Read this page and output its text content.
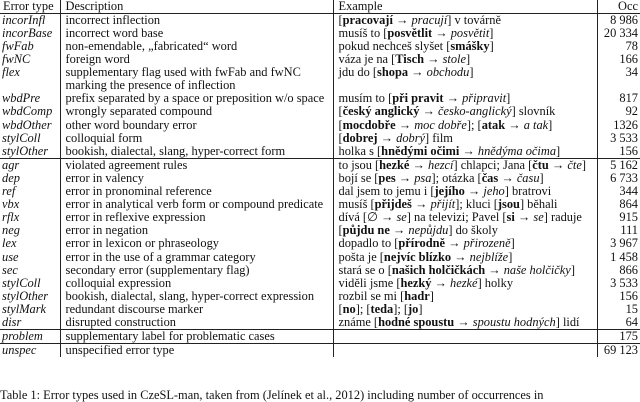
Error type	Description	Example	Occ
incorInfl	incorrect inflection	[pracovají → pracují] v továrně	8 986
incorBase	incorrect word base	musíš to [posvětlit → posvětit]	20 334
fwFab	non-emendable, „fabricated“ word	pokud nechceš slyšet [smášky]	78
fwNC	foreign word	váza je na [Tisch → stole]	166
flex	supplementary flag used with fwFab and fwNC marking the presence of inflection	jdu do [shopa → obchodu]	34
wbdPre	prefix separated by a space or preposition w/o space	musím to [při pravit → připravit]	817
wbdComp	wrongly separated compound	[český anglický → česko-anglický] slovník	92
wbdOther	other word boundary error	[mocdobře → moc dobře]; [atak → a tak]	1326
stylColl	colloquial form	[dobrej → dobrý] film	3 533
stylOther	bookish, dialectal, slang, hyper-correct form	holka s [hnědými očimi → hnědýma očima]	156
agr	violated agreement rules	to jsou [hezké → hezcí] chlapci; Jana [čtu → čte]	5 162
dep	error in valency	bojí se [pes → psa]; otázka [čas → času]	6 733
ref	error in pronominal reference	dal jsem to jemu i [jejího → jeho] bratrovi	344
vbx	error in analytical verb form or compound predicate	musíš [přijdeš → přijít]; kluci [jsou] běhali	864
rflx	error in reflexive expression	dívá [∅ → se] na televizi; Pavel [si → se] raduje	915
neg	error in negation	[půjdu ne → nepůjdu] do školy	111
lex	error in lexicon or phraseology	dopadlo to [přírodně → přirozeně]	3 967
use	error in the use of a grammar category	pošta je [nejvíc blízko → nejblíže]	1 458
sec	secondary error (supplementary flag)	stará se o [našich holčičkách → naše holčičky]	866
stylColl	colloquial expression	viděli jsme [hezký → hezké] holky	3 533
stylOther	bookish, dialectal, slang, hyper-correct expression	rozbil se mi [hadr]	156
stylMark	redundant discourse marker	[no]; [teda]; [jo]	15
disr	disrupted construction	známe [hodné spoustu → spoustu hodných] lidí	64
problem	supplementary label for problematic cases		175
unspec	unspecified error type		69 123
Table 1: Error types used in CzeSL-man, taken from (Jelínek et al., 2012) including number of occurrences in
